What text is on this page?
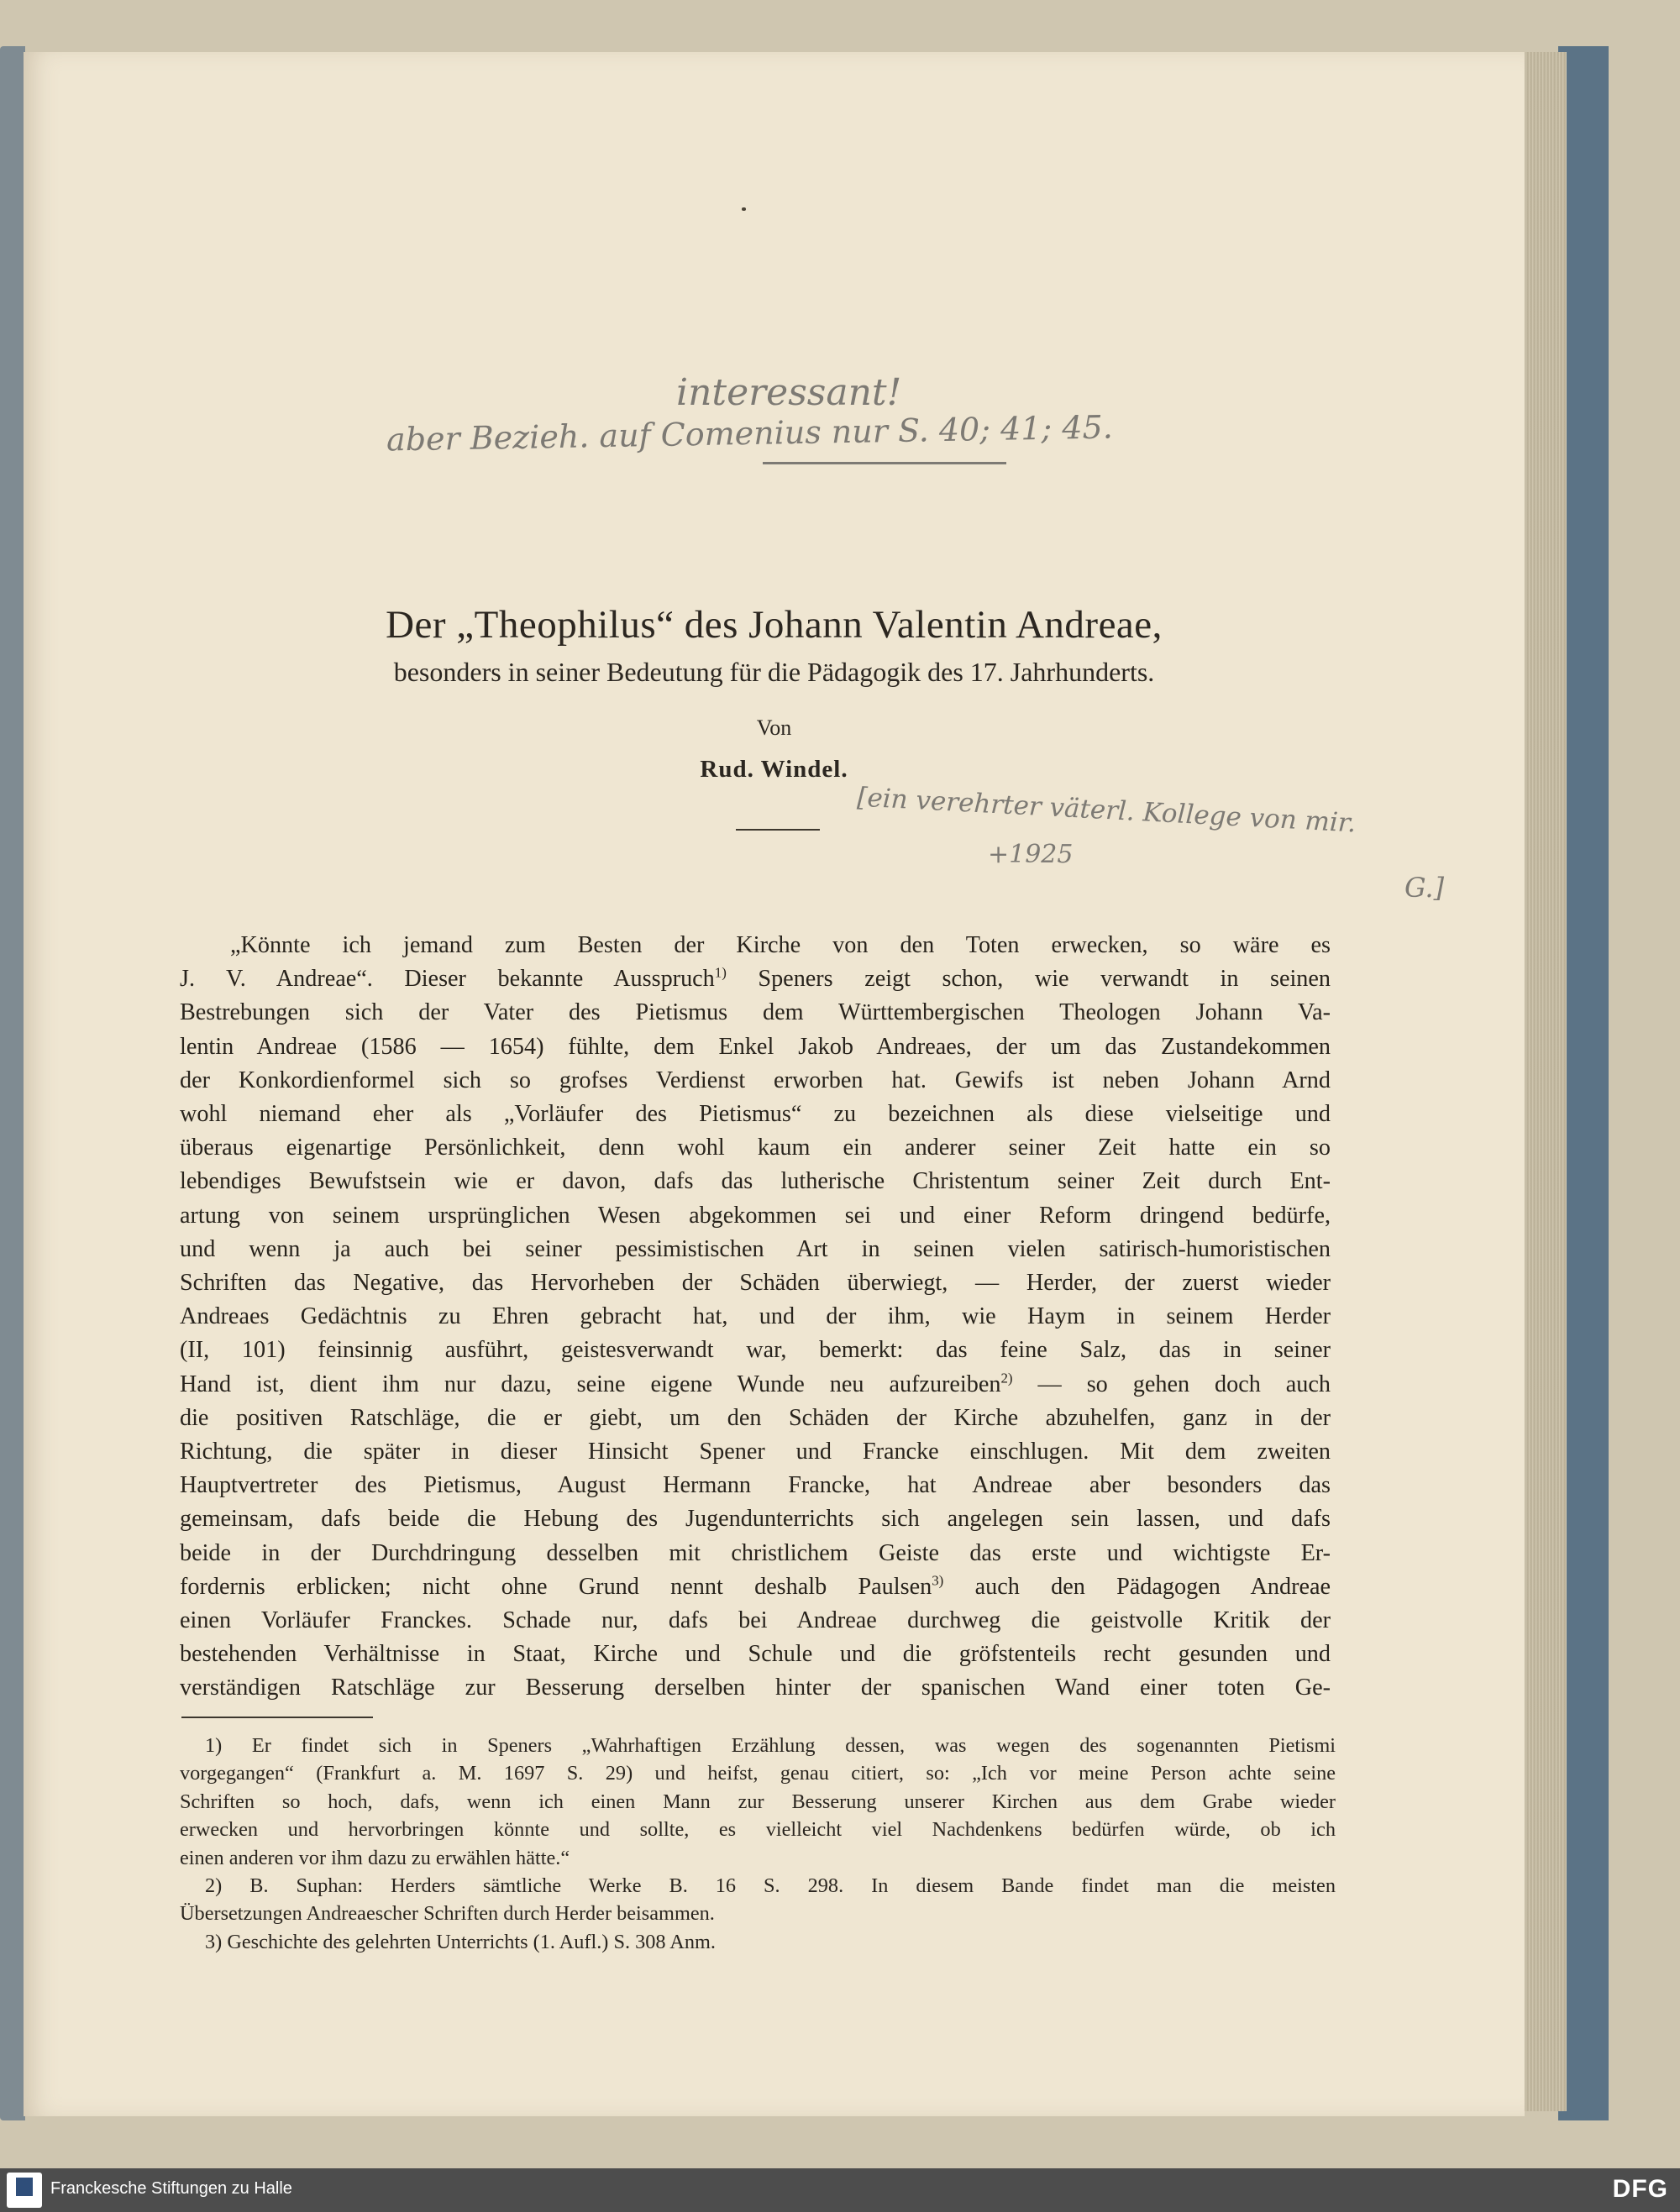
interessant!
aber Bezieh. auf Comenius nur S. 40; 41; 45.
Der „Theophilus“ des Johann Valentin Andreae,
besonders in seiner Bedeutung für die Pädagogik des 17. Jahrhunderts.
Von
Rud. Windel.
[ein verehrter väterl. Kollege von mir.
+1925
G.]
„Könnte ich jemand zum Besten der Kirche von den Toten erwecken, so wäre es
J. V. Andreae“. Dieser bekannte Ausspruch$^{1)}$ Speners zeigt schon, wie verwandt in seinen
Bestrebungen sich der Vater des Pietismus dem Württembergischen Theologen Johann Va-
lentin Andreae (1586 — 1654) fühlte, dem Enkel Jakob Andreaes, der um das Zustandekommen
der Konkordienformel sich so grofses Verdienst erworben hat. Gewifs ist neben Johann Arnd
wohl niemand eher als „Vorläufer des Pietismus“ zu bezeichnen als diese vielseitige und
überaus eigenartige Persönlichkeit, denn wohl kaum ein anderer seiner Zeit hatte ein so
lebendiges Bewufstsein wie er davon, dafs das lutherische Christentum seiner Zeit durch Ent-
artung von seinem ursprünglichen Wesen abgekommen sei und einer Reform dringend bedürfe,
und wenn ja auch bei seiner pessimistischen Art in seinen vielen satirisch-humoristischen
Schriften das Negative, das Hervorheben der Schäden überwiegt, — Herder, der zuerst wieder
Andreaes Gedächtnis zu Ehren gebracht hat, und der ihm, wie Haym in seinem Herder
(II, 101) feinsinnig ausführt, geistesverwandt war, bemerkt: das feine Salz, das in seiner
Hand ist, dient ihm nur dazu, seine eigene Wunde neu aufzureiben$^{2)}$ — so gehen doch auch
die positiven Ratschläge, die er giebt, um den Schäden der Kirche abzuhelfen, ganz in der
Richtung, die später in dieser Hinsicht Spener und Francke einschlugen. Mit dem zweiten
Hauptvertreter des Pietismus, August Hermann Francke, hat Andreae aber besonders das
gemeinsam, dafs beide die Hebung des Jugendunterrichts sich angelegen sein lassen, und dafs
beide in der Durchdringung desselben mit christlichem Geiste das erste und wichtigste Er-
fordernis erblicken; nicht ohne Grund nennt deshalb Paulsen$^{3)}$ auch den Pädagogen Andreae
einen Vorläufer Franckes. Schade nur, dafs bei Andreae durchweg die geistvolle Kritik der
bestehenden Verhältnisse in Staat, Kirche und Schule und die gröfstenteils recht gesunden und
verständigen Ratschläge zur Besserung derselben hinter der spanischen Wand einer toten Ge-
1) Er findet sich in Speners „Wahrhaftigen Erzählung dessen, was wegen des sogenannten Pietismi
vorgegangen“ (Frankfurt a. M. 1697 S. 29) und heifst, genau citiert, so: „Ich vor meine Person achte seine
Schriften so hoch, dafs, wenn ich einen Mann zur Besserung unserer Kirchen aus dem Grabe wieder
erwecken und hervorbringen könnte und sollte, es vielleicht viel Nachdenkens bedürfen würde, ob ich
einen anderen vor ihm dazu zu erwählen hätte.“
2) B. Suphan: Herders sämtliche Werke B. 16 S. 298. In diesem Bande findet man die meisten
Übersetzungen Andreaescher Schriften durch Herder beisammen.
3) Geschichte des gelehrten Unterrichts (1. Aufl.) S. 308 Anm.
Franckesche Stiftungen zu Halle	DFG
